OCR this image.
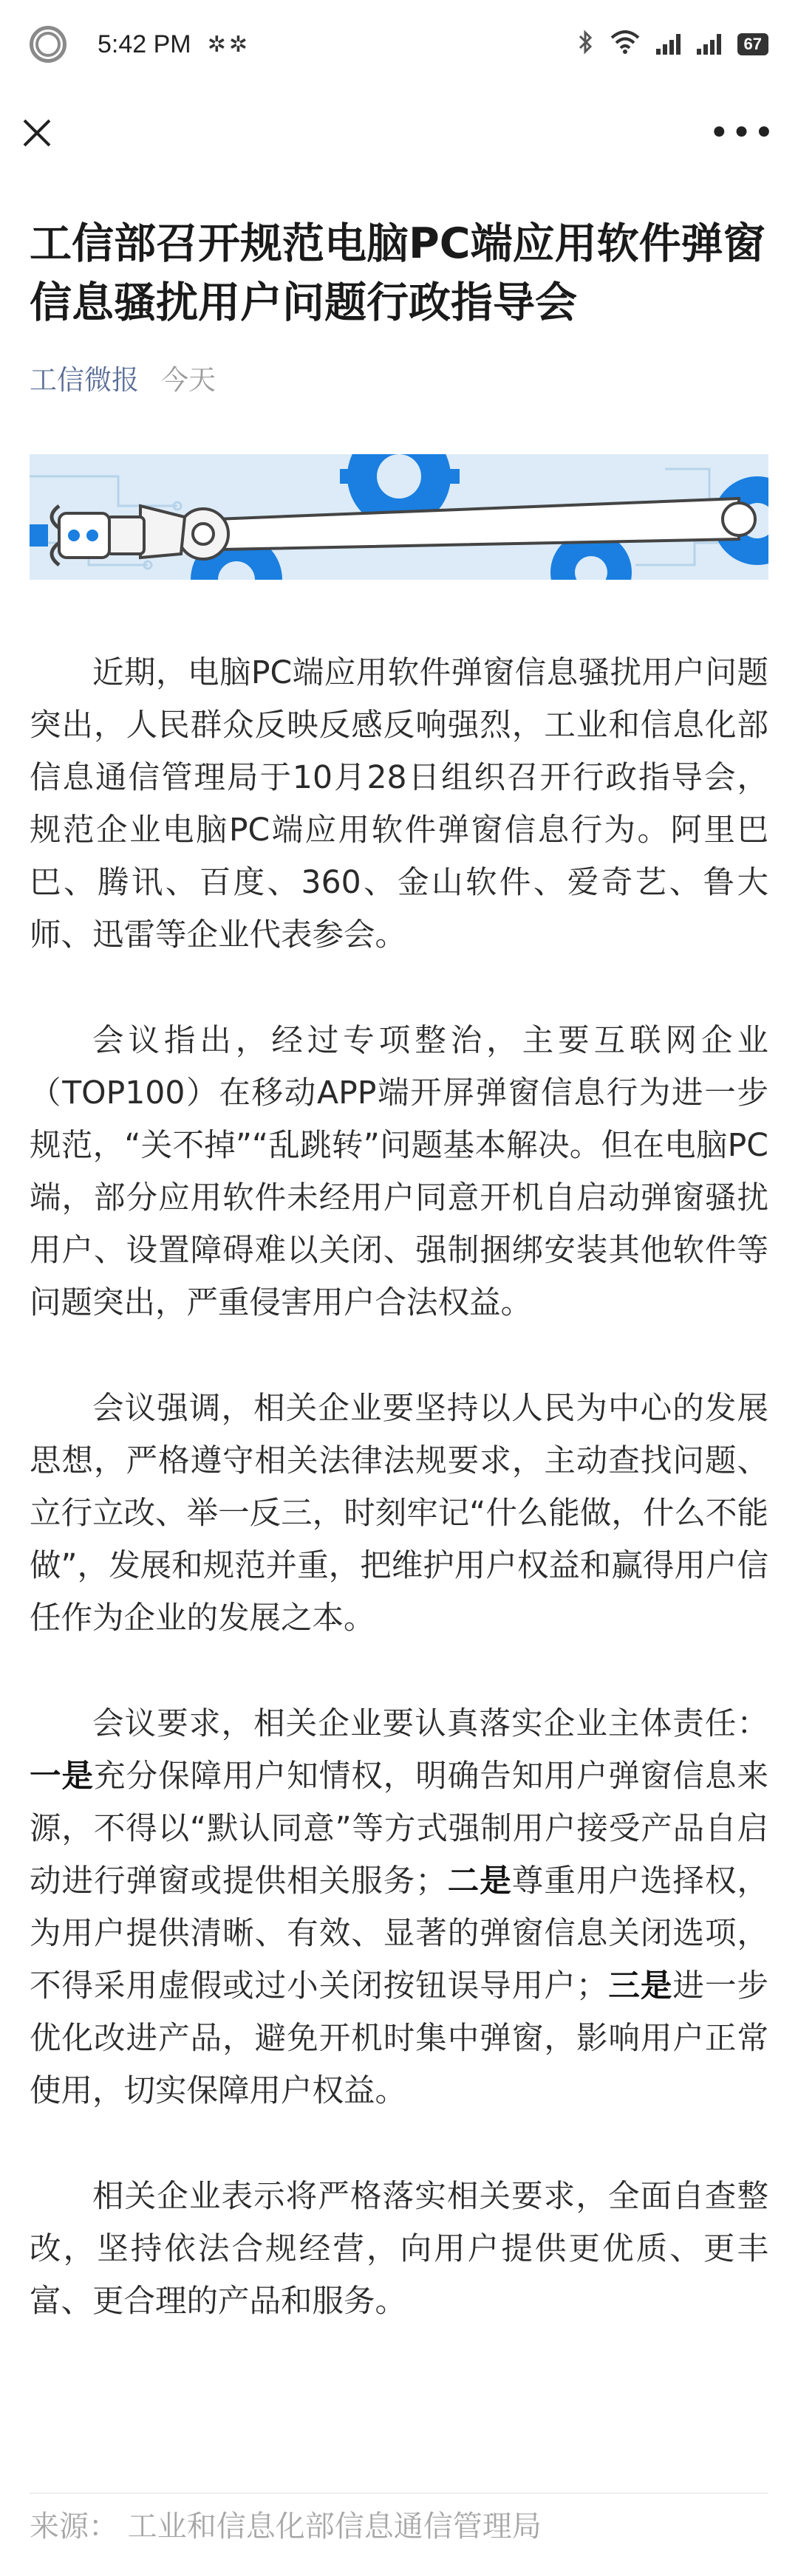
5:42 PM ✲✲	67
•••
工信部召开规范电脑PC端应用软件弹窗信息骚扰用户问题行政指导会
工信微报 今天

近期，电脑PC端应用软件弹窗信息骚扰用户问题突出，人民群众反映反感反响强烈，工业和信息化部信息通信管理局于10月28日组织召开行政指导会，规范企业电脑PC端应用软件弹窗信息行为。阿里巴巴、腾讯、百度、360、金山软件、爱奇艺、鲁大师、迅雷等企业代表参会。

会议指出，经过专项整治，主要互联网企业（TOP100）在移动APP端开屏弹窗信息行为进一步规范，“关不掉”“乱跳转”问题基本解决。但在电脑PC端，部分应用软件未经用户同意开机自启动弹窗骚扰用户、设置障碍难以关闭、强制捆绑安装其他软件等问题突出，严重侵害用户合法权益。

会议强调，相关企业要坚持以人民为中心的发展思想，严格遵守相关法律法规要求，主动查找问题、立行立改、举一反三，时刻牢记“什么能做，什么不能做”，发展和规范并重，把维护用户权益和赢得用户信任作为企业的发展之本。

会议要求，相关企业要认真落实企业主体责任：一是充分保障用户知情权，明确告知用户弹窗信息来源，不得以“默认同意”等方式强制用户接受产品自启动进行弹窗或提供相关服务；二是尊重用户选择权，为用户提供清晰、有效、显著的弹窗信息关闭选项，不得采用虚假或过小关闭按钮误导用户；三是进一步优化改进产品，避免开机时集中弹窗，影响用户正常使用，切实保障用户权益。

相关企业表示将严格落实相关要求，全面自查整改，坚持依法合规经营，向用户提供更优质、更丰富、更合理的产品和服务。

来源： 工业和信息化部信息通信管理局
